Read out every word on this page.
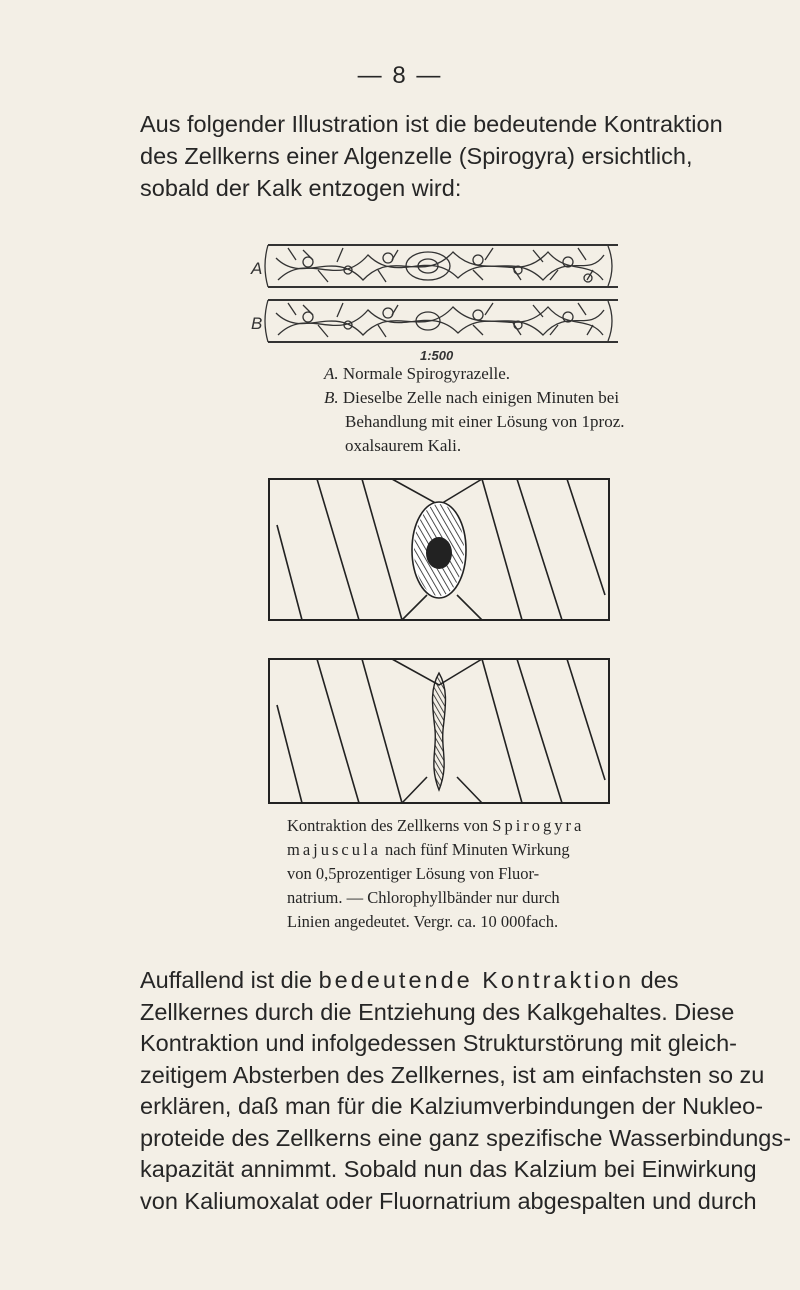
— 8 —

Aus folgender Illustration ist die bedeutende Kontraktion des Zellkerns einer Algenzelle (Spirogyra) ersichtlich, sobald der Kalk entzogen wird:

A
B
1:500
A. Normale Spirogyrazelle.
B. Dieselbe Zelle nach einigen Minuten bei
Behandlung mit einer Lösung von 1proz.
oxalsaurem Kali.
Kontraktion des Zellkerns von Spirogyra
majuscula nach fünf Minuten Wirkung
von 0,5prozentiger Lösung von Fluor-
natrium. — Chlorophyllbänder nur durch
Linien angedeutet. Vergr. ca. 10 000fach.
Auffallend ist die bedeutende Kontraktion des
Zellkernes durch die Entziehung des Kalkgehaltes. Diese
Kontraktion und infolgedessen Strukturstörung mit gleich-
zeitigem Absterben des Zellkernes, ist am einfachsten so zu
erklären, daß man für die Kalziumverbindungen der Nukleo-
proteide des Zellkerns eine ganz spezifische Wasserbindungs-
kapazität annimmt. Sobald nun das Kalzium bei Einwirkung
von Kaliumoxalat oder Fluornatrium abgespalten und durch
